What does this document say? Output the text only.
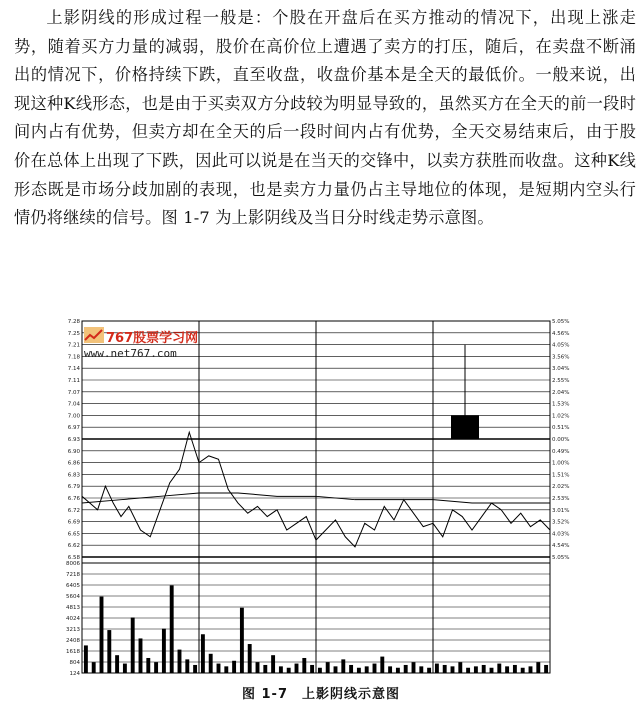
上影阴线的形成过程一般是：个股在开盘后在买方推动的情况下，出现上涨走势，随着买方力量的减弱，股价在高价位上遭遇了卖方的打压，随后，在卖盘不断涌出的情况下，价格持续下跌，直至收盘，收盘价基本是全天的最低价。一般来说，出现这种K线形态，也是由于买卖双方分歧较为明显导致的，虽然买方在全天的前一段时间内占有优势，但卖方却在全天的后一段时间内占有优势，全天交易结束后，由于股价在总体上出现了下跌，因此可以说是在当天的交锋中，以卖方获胜而收盘。这种K线形态既是市场分歧加剧的表现，也是卖方力量仍占主导地位的体现，是短期内空头行情仍将继续的信号。图 1-7 为上影阴线及当日分时线走势示意图。
7.28	5.05%
7.25	4.56%
7.21	4.05%
7.18	3.56%
7.14	3.04%
7.11	2.55%
7.07	2.04%
7.04	1.53%
7.00	1.02%
6.97	0.51%
6.93	0.00%
6.90	0.49%
6.86	1.00%
6.83	1.51%
6.79	2.02%
6.76	2.53%
6.72	3.01%
6.69	3.52%
6.65	4.03%
6.62	4.54%
6.58	5.05%
8006
7218
6405
5604
4813
4024
3213
2408
1618
804
124
767股票学习网
www.net767.com
图 1-7　上影阴线示意图
